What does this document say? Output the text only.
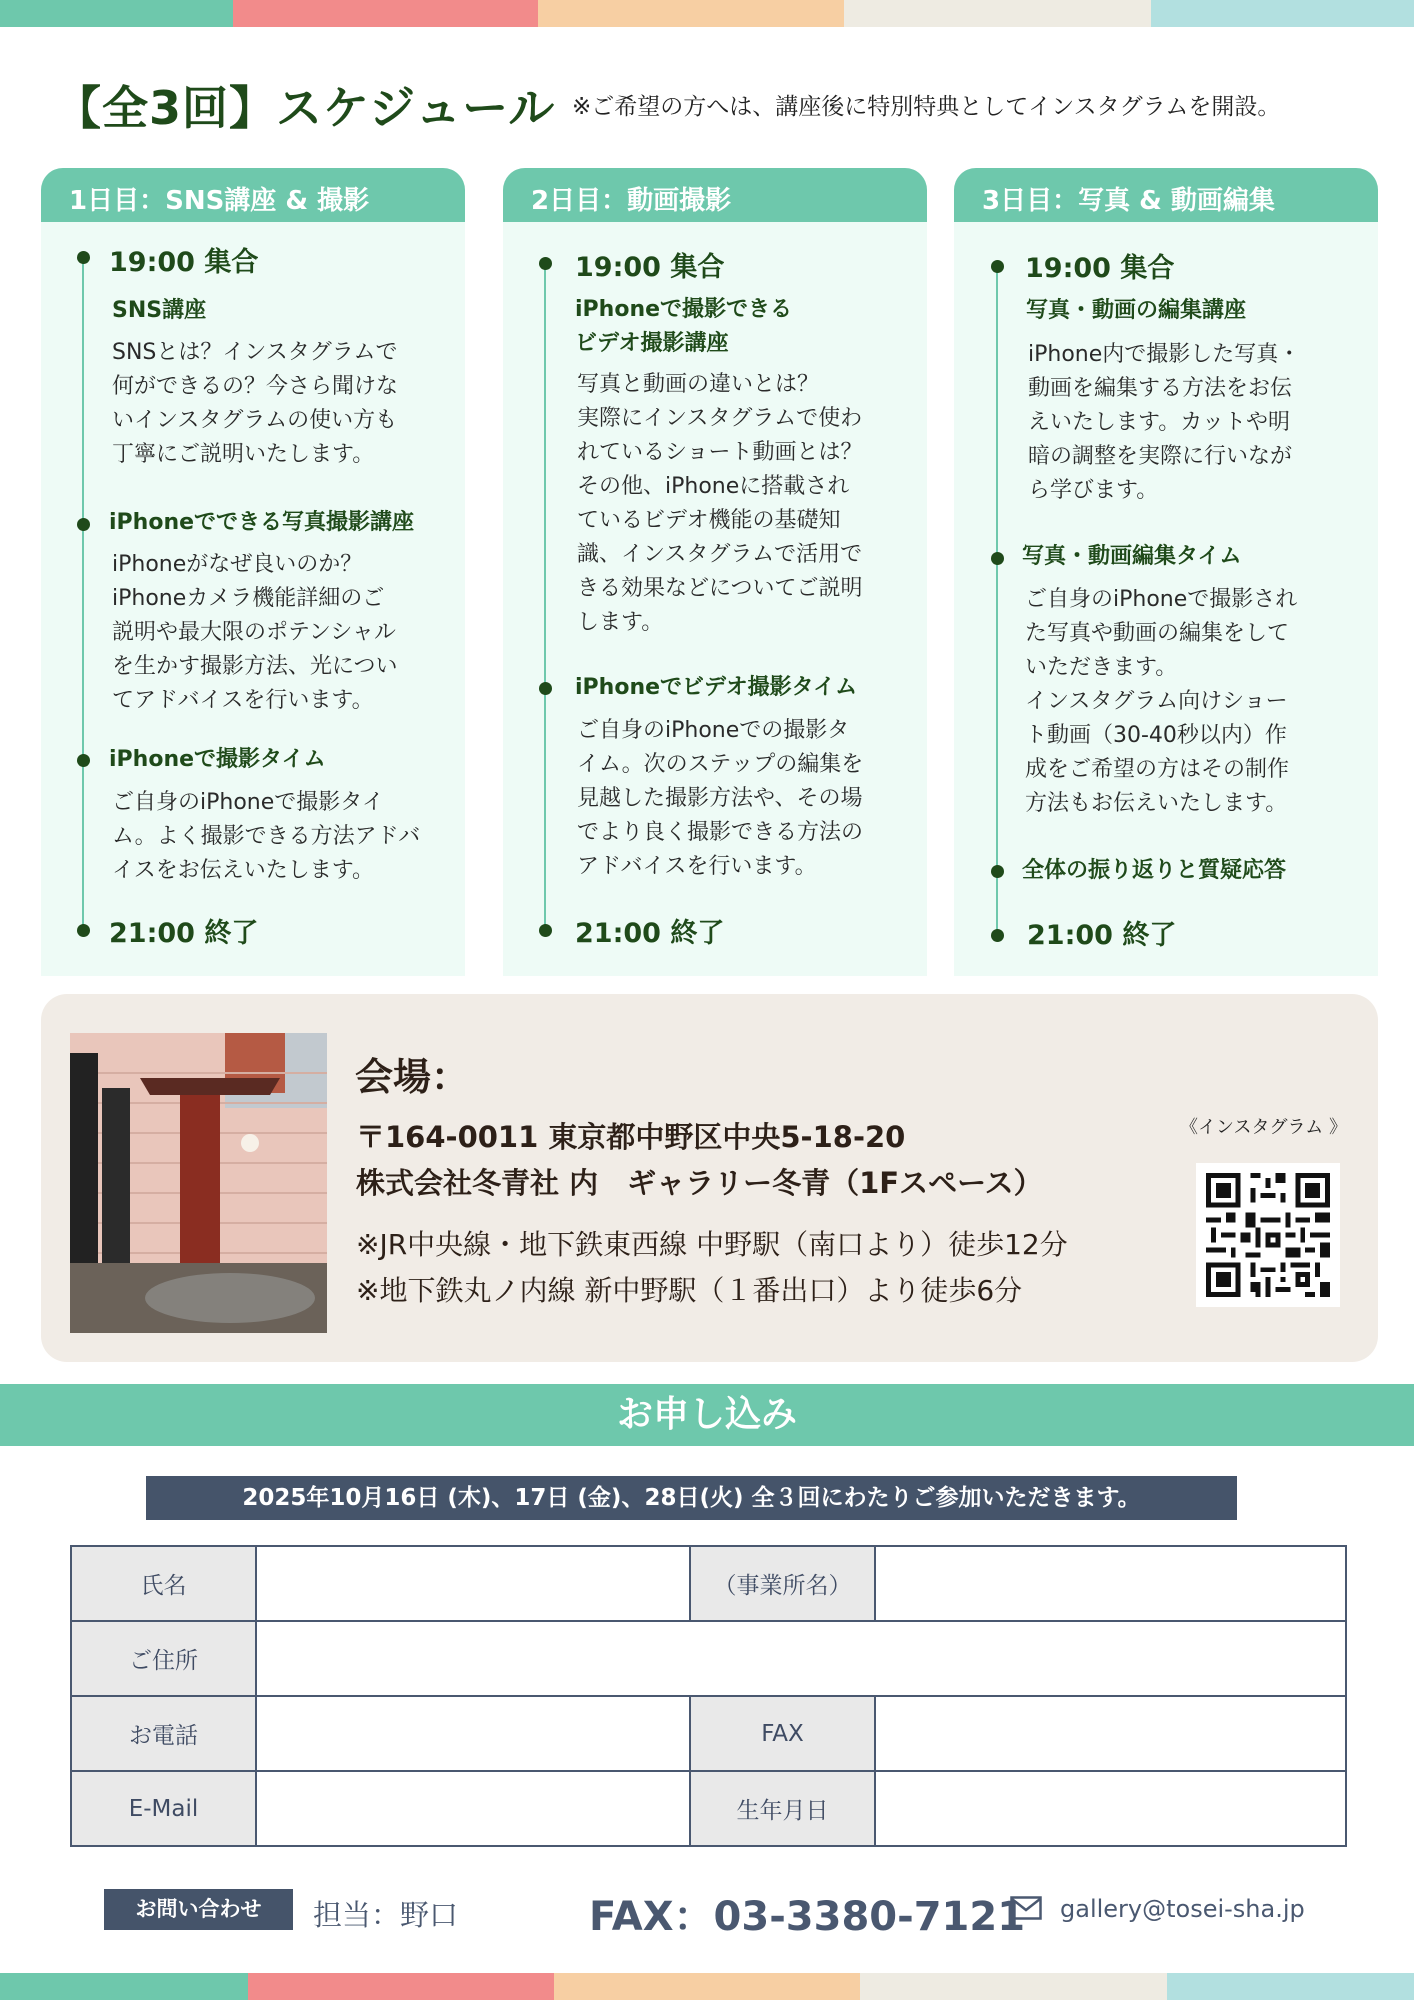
【全3回】スケジュール ※ご希望の方へは、講座後に特別特典としてインスタグラムを開設。
1日目：SNS講座 & 撮影
19:00 集合
SNS講座
SNSとは？インスタグラムで
何ができるの？今さら聞けな
いインスタグラムの使い方も
丁寧にご説明いたします。
iPhoneでできる写真撮影講座
iPhoneがなぜ良いのか？
iPhoneカメラ機能詳細のご
説明や最大限のポテンシャル
を生かす撮影方法、光につい
てアドバイスを行います。
iPhoneで撮影タイム
ご自身のiPhoneで撮影タイ
ム。よく撮影できる方法アドバ
イスをお伝えいたします。
21:00 終了
2日目：動画撮影
19:00 集合
iPhoneで撮影できる
ビデオ撮影講座
写真と動画の違いとは？
実際にインスタグラムで使わ
れているショート動画とは？
その他、iPhoneに搭載され
ているビデオ機能の基礎知
識、インスタグラムで活用で
きる効果などについてご説明
します。
iPhoneでビデオ撮影タイム
ご自身のiPhoneでの撮影タ
イム。次のステップの編集を
見越した撮影方法や、その場
でより良く撮影できる方法の
アドバイスを行います。
21:00 終了
3日目：写真 & 動画編集
19:00 集合
写真・動画の編集講座
iPhone内で撮影した写真・
動画を編集する方法をお伝
えいたします。カットや明
暗の調整を実際に行いなが
ら学びます。
写真・動画編集タイム
ご自身のiPhoneで撮影され
た写真や動画の編集をして
いただきます。
インスタグラム向けショー
ト動画（30-40秒以内）作
成をご希望の方はその制作
方法もお伝えいたします。
全体の振り返りと質疑応答
21:00 終了
会場：
〒164-0011 東京都中野区中央5-18-20
株式会社冬青社 内　ギャラリー冬青（1Fスペース）
※JR中央線・地下鉄東西線 中野駅（南口より）徒歩12分
※地下鉄丸ノ内線 新中野駅（１番出口）より徒歩6分
《インスタグラム 》
お申し込み
2025年10月16日 (木)、17日 (金)、28日(火) 全３回にわたりご参加いただきます。
氏名		（事業所名）	
ご住所			
お電話		FAX	
E-Mail		生年月日	
お問い合わせ	担当：野口	FAX：03-3380-7121 gallery@tosei-sha.jp
